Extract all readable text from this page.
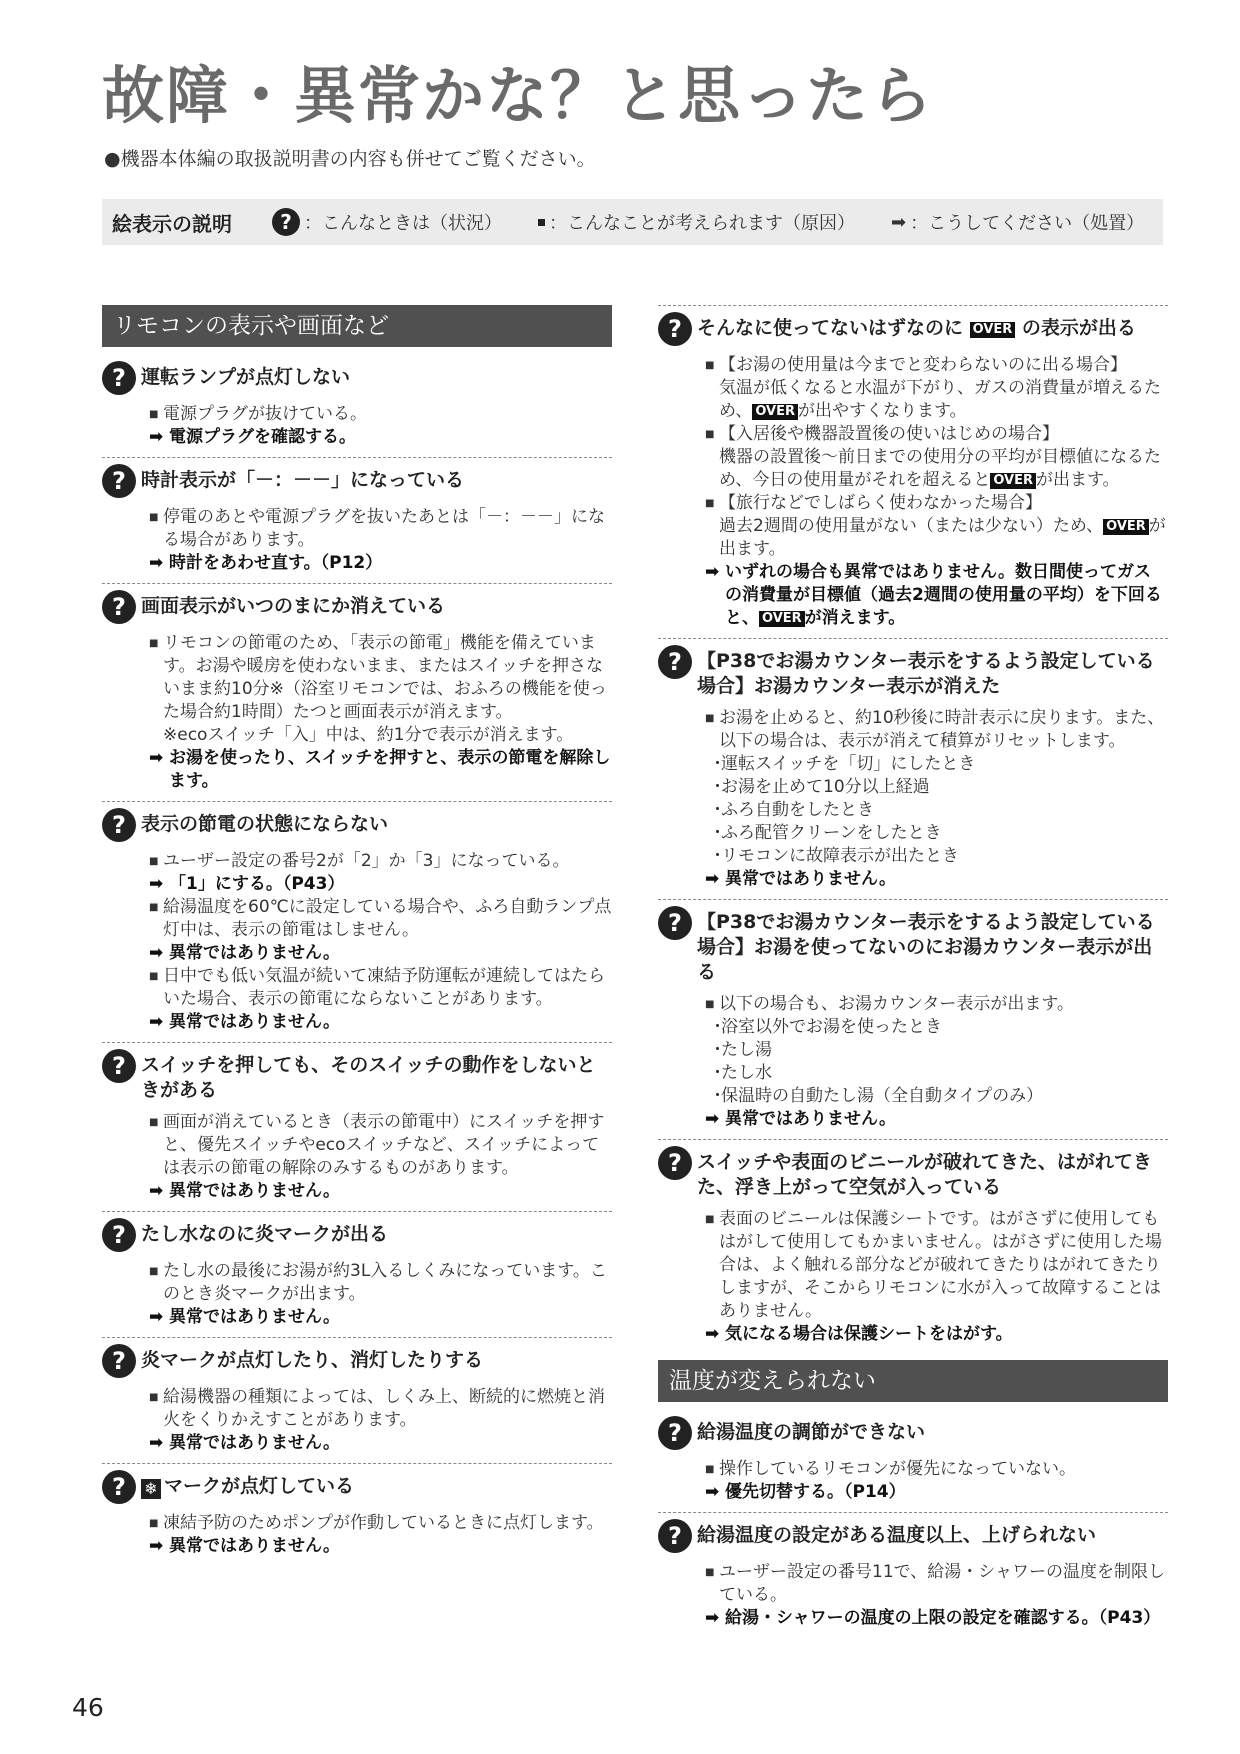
故障・異常かな？と思ったら
●機器本体編の取扱説明書の内容も併せてご覧ください。
絵表示の説明	? ：こんなときは（状況）	：こんなことが考えられます（原因） ➡ ：こうしてください（処置）
リモコンの表示や画面など
? 運転ランプが点灯しない
■ 電源プラグが抜けている。
➡ 電源プラグを確認する。
? 時計表示が「－：－－」になっている
■ 停電のあとや電源プラグを抜いたあとは「－：－－」になる場合があります。
➡ 時計をあわせ直す。（P12）
? 画面表示がいつのまにか消えている
■ リモコンの節電のため、「表示の節電」機能を備えています。お湯や暖房を使わないまま、またはスイッチを押さないまま約10分※（浴室リモコンでは、おふろの機能を使った場合約1時間）たつと画面表示が消えます。
※ecoスイッチ「入」中は、約1分で表示が消えます。
➡ お湯を使ったり、スイッチを押すと、表示の節電を解除します。
? 表示の節電の状態にならない
■ ユーザー設定の番号2が「2」か「3」になっている。
➡ 「1」にする。（P43）
■ 給湯温度を60℃に設定している場合や、ふろ自動ランプ点灯中は、表示の節電はしません。
➡ 異常ではありません。
■ 日中でも低い気温が続いて凍結予防運転が連続してはたらいた場合、表示の節電にならないことがあります。
➡ 異常ではありません。
? スイッチを押しても、そのスイッチの動作をしないときがある
■ 画面が消えているとき（表示の節電中）にスイッチを押すと、優先スイッチやecoスイッチなど、スイッチによっては表示の節電の解除のみするものがあります。
➡ 異常ではありません。
? たし水なのに炎マークが出る
■ たし水の最後にお湯が約3L入るしくみになっています。このとき炎マークが出ます。
➡ 異常ではありません。
? 炎マークが点灯したり、消灯したりする
■ 給湯機器の種類によっては、しくみ上、断続的に燃焼と消火をくりかえすことがあります。
➡ 異常ではありません。
?	❄ マークが点灯している
■ 凍結予防のためポンプが作動しているときに点灯します。
➡ 異常ではありません。
? そんなに使ってないはずなのに OVER の表示が出る
■ 【お湯の使用量は今までと変わらないのに出る場合】
気温が低くなると水温が下がり、ガスの消費量が増えるため、 OVER が出やすくなります。
■ 【入居後や機器設置後の使いはじめの場合】
機器の設置後～前日までの使用分の平均が目標値になるため、今日の使用量がそれを超えると OVER が出ます。
■ 【旅行などでしばらく使わなかった場合】
過去2週間の使用量がない（または少ない）ため、 OVER が出ます。
➡ いずれの場合も異常ではありません。数日間使ってガスの消費量が目標値（過去2週間の使用量の平均）を下回ると、 OVER が消えます。
? 【P38でお湯カウンター表示をするよう設定している場合】お湯カウンター表示が消えた
■ お湯を止めると、約10秒後に時計表示に戻ります。また、以下の場合は、表示が消えて積算がリセットします。
・ 運転スイッチを「切」にしたとき
・ お湯を止めて10分以上経過
・ ふろ自動をしたとき
・ ふろ配管クリーンをしたとき
・ リモコンに故障表示が出たとき
➡ 異常ではありません。
? 【P38でお湯カウンター表示をするよう設定している場合】お湯を使ってないのにお湯カウンター表示が出る
■ 以下の場合も、お湯カウンター表示が出ます。
・ 浴室以外でお湯を使ったとき
・ たし湯
・ たし水
・ 保温時の自動たし湯（全自動タイプのみ）
➡ 異常ではありません。
? スイッチや表面のビニールが破れてきた、はがれてきた、浮き上がって空気が入っている
■ 表面のビニールは保護シートです。はがさずに使用してもはがして使用してもかまいません。はがさずに使用した場合は、よく触れる部分などが破れてきたりはがれてきたりしますが、そこからリモコンに水が入って故障することはありません。
➡ 気になる場合は保護シートをはがす。
温度が変えられない
? 給湯温度の調節ができない
■ 操作しているリモコンが優先になっていない。
➡ 優先切替する。（P14）
? 給湯温度の設定がある温度以上、上げられない
■ ユーザー設定の番号11で、給湯・シャワーの温度を制限している。
➡ 給湯・シャワーの温度の上限の設定を確認する。（P43）
46
